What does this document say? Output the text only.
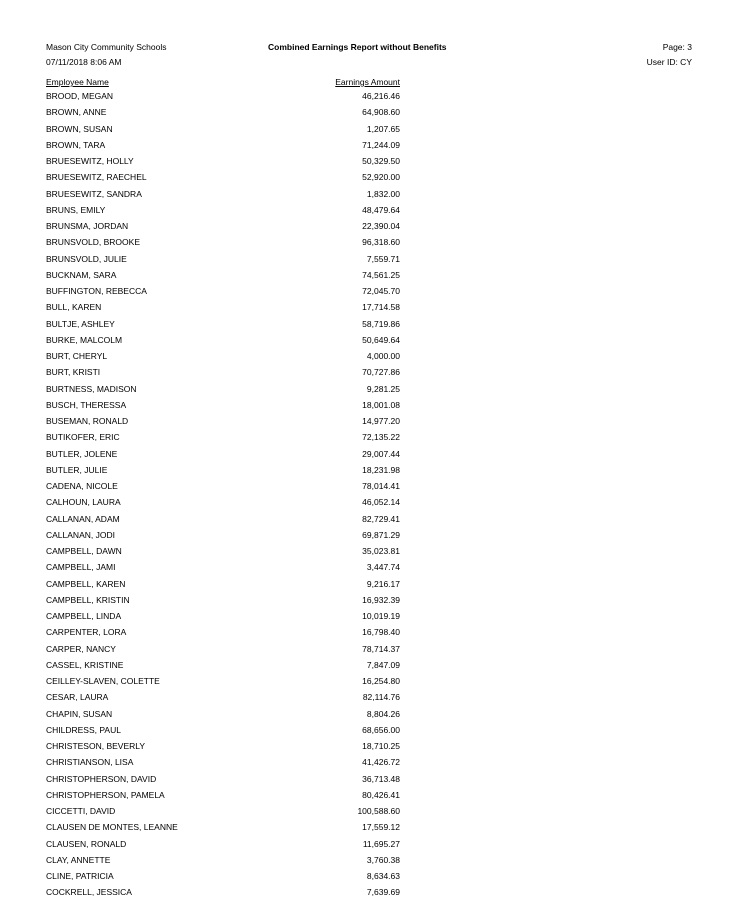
Mason City Community Schools
07/11/2018 8:06 AM
Combined Earnings Report without Benefits	Page: 3
User ID: CY
Employee Name	Earnings Amount
BROOD, MEGAN	46,216.46
BROWN, ANNE	64,908.60
BROWN, SUSAN	1,207.65
BROWN, TARA	71,244.09
BRUESEWITZ, HOLLY	50,329.50
BRUESEWITZ, RAECHEL	52,920.00
BRUESEWITZ, SANDRA	1,832.00
BRUNS, EMILY	48,479.64
BRUNSMA, JORDAN	22,390.04
BRUNSVOLD, BROOKE	96,318.60
BRUNSVOLD, JULIE	7,559.71
BUCKNAM, SARA	74,561.25
BUFFINGTON, REBECCA	72,045.70
BULL, KAREN	17,714.58
BULTJE, ASHLEY	58,719.86
BURKE, MALCOLM	50,649.64
BURT, CHERYL	4,000.00
BURT, KRISTI	70,727.86
BURTNESS, MADISON	9,281.25
BUSCH, THERESSA	18,001.08
BUSEMAN, RONALD	14,977.20
BUTIKOFER, ERIC	72,135.22
BUTLER, JOLENE	29,007.44
BUTLER, JULIE	18,231.98
CADENA, NICOLE	78,014.41
CALHOUN, LAURA	46,052.14
CALLANAN, ADAM	82,729.41
CALLANAN, JODI	69,871.29
CAMPBELL, DAWN	35,023.81
CAMPBELL, JAMI	3,447.74
CAMPBELL, KAREN	9,216.17
CAMPBELL, KRISTIN	16,932.39
CAMPBELL, LINDA	10,019.19
CARPENTER, LORA	16,798.40
CARPER, NANCY	78,714.37
CASSEL, KRISTINE	7,847.09
CEILLEY-SLAVEN, COLETTE	16,254.80
CESAR, LAURA	82,114.76
CHAPIN, SUSAN	8,804.26
CHILDRESS, PAUL	68,656.00
CHRISTESON, BEVERLY	18,710.25
CHRISTIANSON, LISA	41,426.72
CHRISTOPHERSON, DAVID	36,713.48
CHRISTOPHERSON, PAMELA	80,426.41
CICCETTI, DAVID	100,588.60
CLAUSEN DE MONTES, LEANNE	17,559.12
CLAUSEN, RONALD	11,695.27
CLAY, ANNETTE	3,760.38
CLINE, PATRICIA	8,634.63
COCKRELL, JESSICA	7,639.69
